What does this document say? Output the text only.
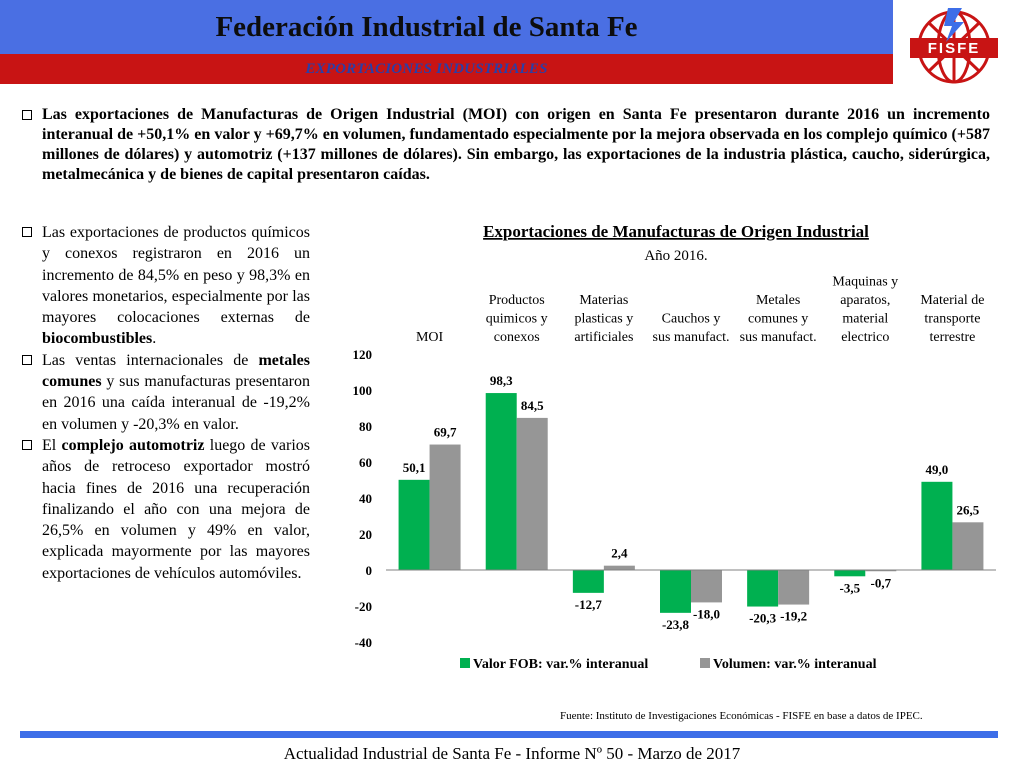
Federación Industrial de Santa Fe
EXPORTACIONES INDUSTRIALES
FISFE
Las exportaciones de Manufacturas de Origen Industrial (MOI) con origen en Santa Fe presentaron durante 2016 un incremento interanual de +50,1% en valor y +69,7% en volumen, fundamentado especialmente por la mejora observada en los complejo químico (+587 millones de dólares) y automotriz (+137 millones de dólares). Sin embargo, las exportaciones de la industria plástica, caucho, siderúrgica, metalmecánica y de bienes de capital presentaron caídas.
Las exportaciones de productos químicos y conexos registraron en 2016 un incremento de 84,5% en peso y 98,3% en valores monetarios, especialmente por las mayores colocaciones externas de biocombustibles.
Las ventas internacionales de metales comunes y sus manufacturas presentaron en 2016 una caída interanual de -19,2% en volumen y -20,3% en valor.
El complejo automotriz luego de varios años de retroceso exportador mostró hacia fines de 2016 una recuperación finalizando el año con una mejora de 26,5% en volumen y 49% en valor, explicada mayormente por las mayores exportaciones de vehículos automóviles.
Exportaciones de Manufacturas de Origen Industrial
Año 2016.
-40
-20
0
20
40
60
80
100
120
MOI
Productos
quimicos y
conexos
Materias
plasticas y
artificiales
Cauchos y
sus manufact.
Metales
comunes y
sus manufact.
Maquinas y
aparatos,
material
electrico
Material de
transporte
terrestre
50,1
98,3
-12,7
-23,8	-20,3
-3,5
49,0
69,7
84,5
2,4
-18,0	-19,2
-0,7
26,5
Valor FOB: var.% interanual	Volumen: var.% interanual
Fuente: Instituto de Investigaciones Económicas - FISFE en base a datos de IPEC.
Actualidad Industrial de Santa Fe - Informe Nº 50 - Marzo de 2017
